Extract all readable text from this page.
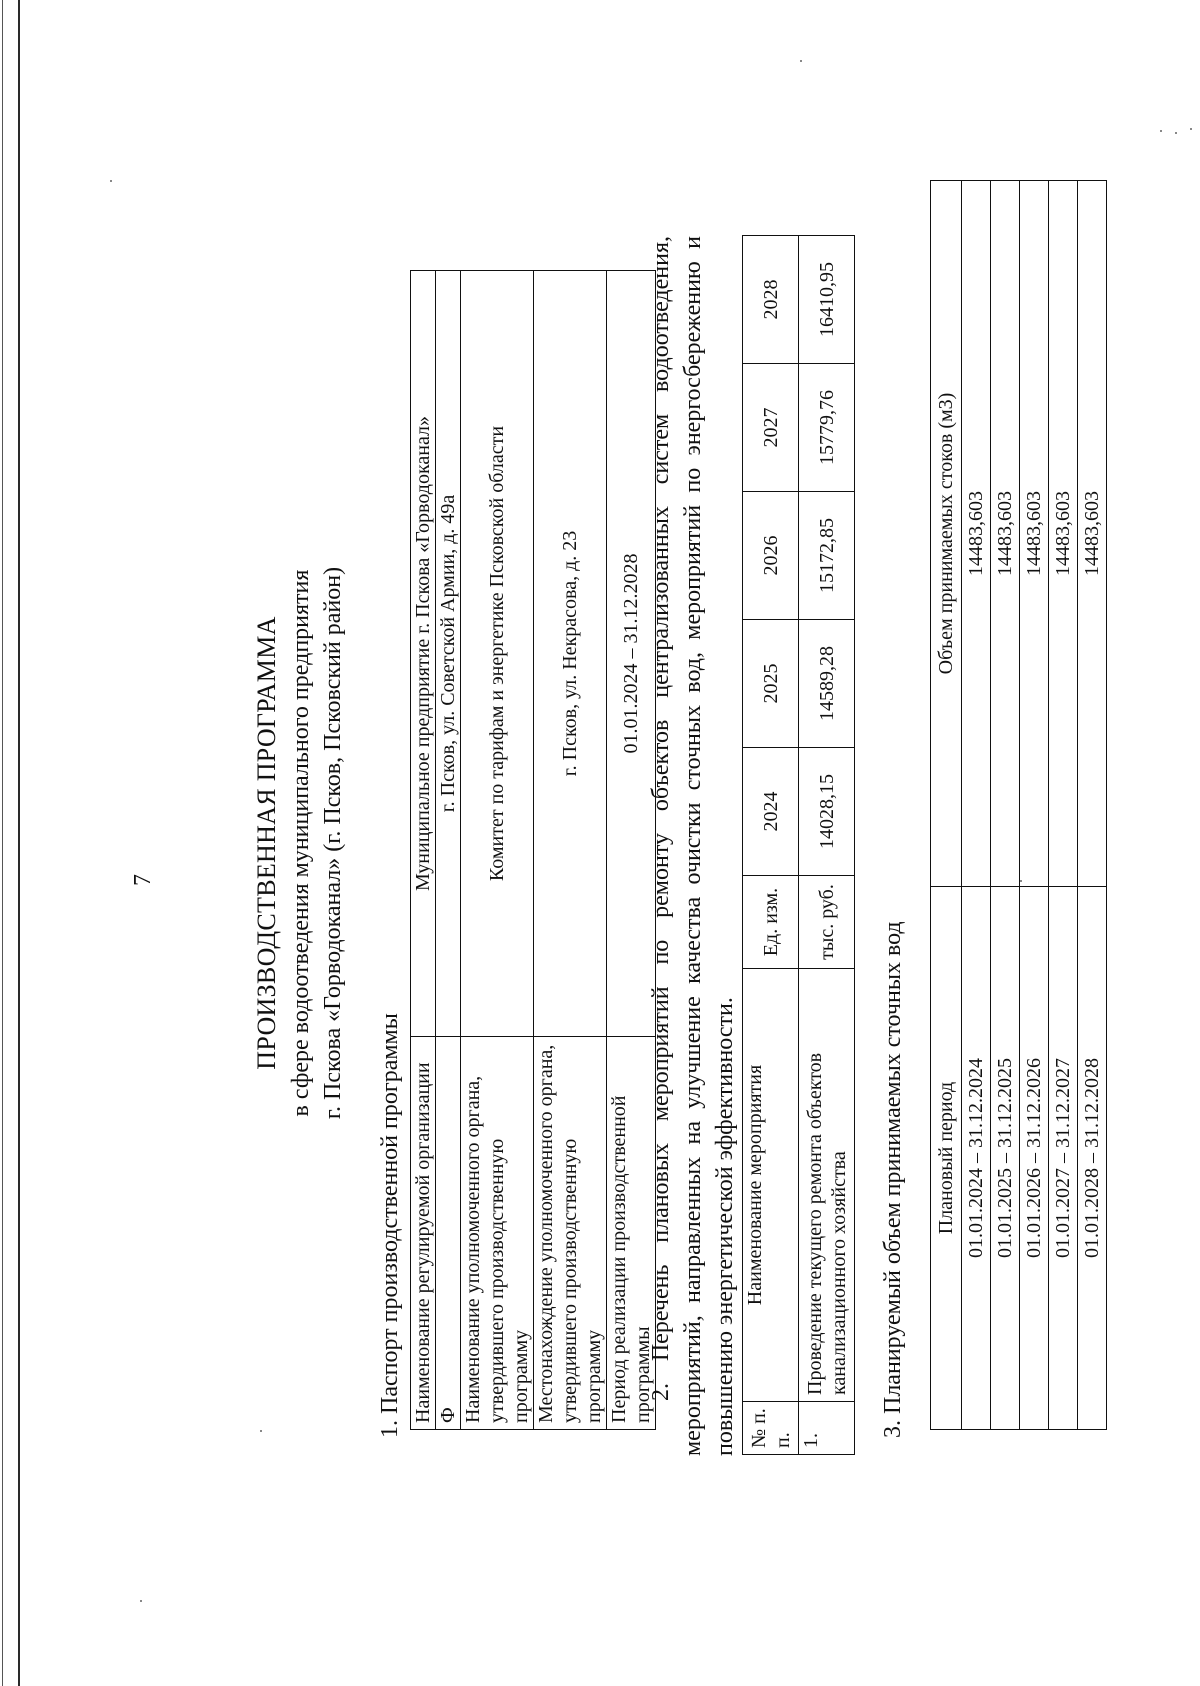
7	ПРОИЗВОДСТВЕННАЯ ПРОГРАММА в сфере водоотведения муниципального предприятия г. Пскова «Горводоканал» (г. Псков, Псковский район)
1. Паспорт производственной программы Наименование регулируемой организации	Муниципальное предприятие г. Пскова «Горводоканал»
Ф	г. Псков, ул. Советской Армии, д. 49а
Наименование уполномоченного органа, утвердившего производственную программу	Комитет по тарифам и энергетике Псковской области
Местонахождение уполномоченного органа, утвердившего производственную программу	г. Псков, ул. Некрасова, д. 23
Период реализации производственной программы	01.01.2024 – 31.12.2028 2. Перечень плановых мероприятий по ремонту объектов централизованных систем водоотведения, мероприятий, направленных на улучшение качества очистки сточных вод, мероприятий по энергосбережению и повышению энергетической эффективности. № п. п.	Наименование мероприятия	Ед. изм.	2024	2025	2026	2027	2028
1.	Проведение текущего ремонта объектов канализационного хозяйства	тыс. руб.	14028,15	14589,28	15172,85	15779,76	16410,95
3. Планируемый объем принимаемых сточных вод Плановый период	Объем принимаемых стоков (м3)
01.01.2024 – 31.12.2024	14483,603
01.01.2025 – 31.12.2025	14483,603
01.01.2026 – 31.12.2026	14483,603
01.01.2027 – 31.12.2027	14483,603
01.01.2028 – 31.12.2028	14483,603
